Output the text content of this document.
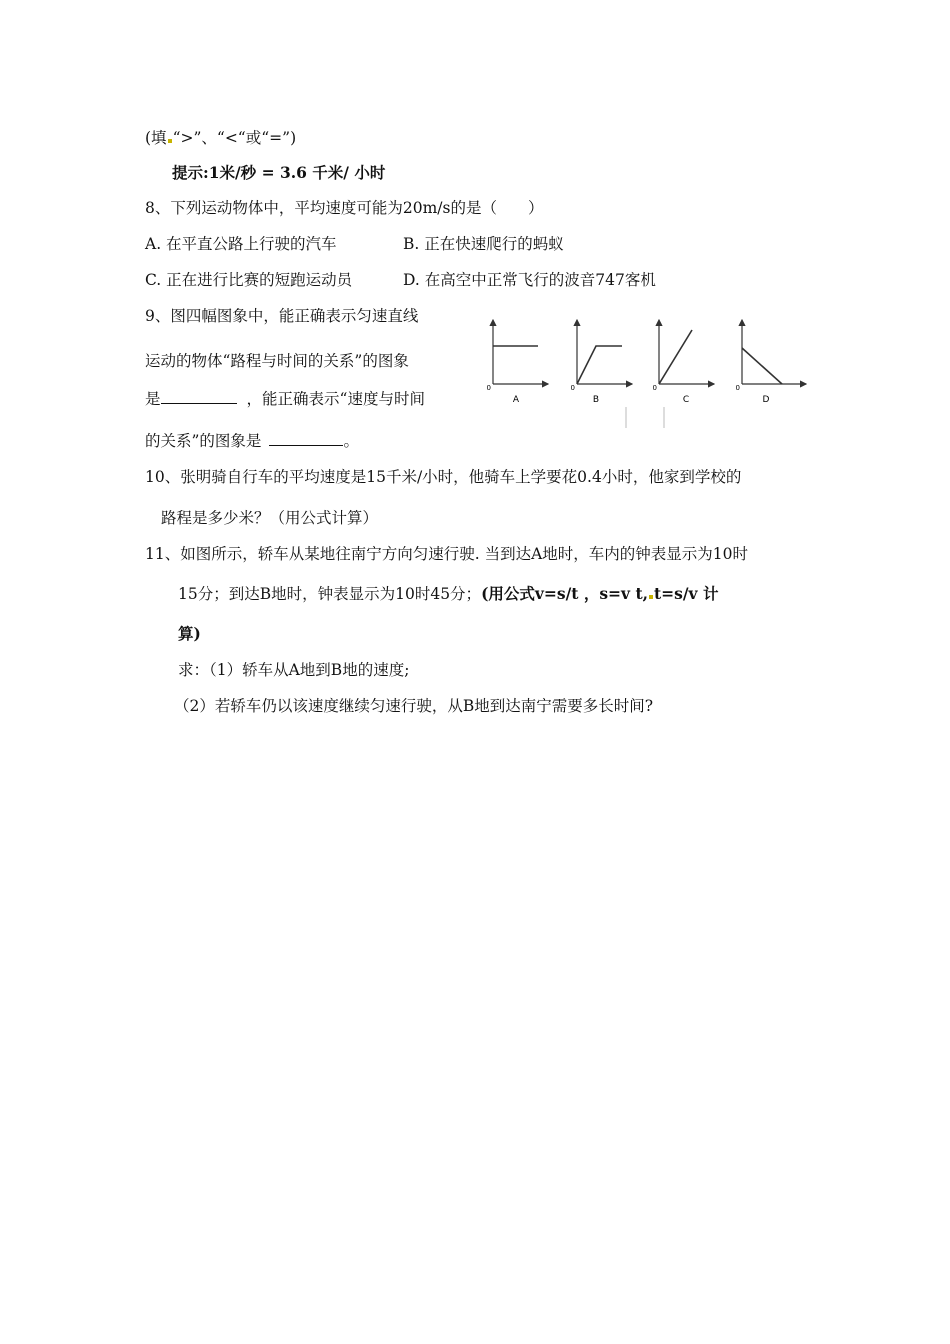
(填 “>”、“<“或“=”)
提示:1米/秒 = 3.6 千米/ 小时
8、下列运动物体中，平均速度可能为20m/s的是（　　）
A. 在平直公路上行驶的汽车	B. 正在快速爬行的蚂蚁
C. 正在进行比赛的短跑运动员	D. 在高空中正常飞行的波音747客机
9、图四幅图象中，能正确表示匀速直线
运动的物体“路程与时间的关系”的图象
是	，能正确表示“速度与时间
的关系”的图象是	。
0
A
0
B
0
C
0
D
10、张明骑自行车的平均速度是15千米/小时，他骑车上学要花0.4小时，他家到学校的
路程是多少米？（用公式计算）
11、如图所示，轿车从某地往南宁方向匀速行驶. 当到达A地时，车内的钟表显示为10时
15分；到达B地时，钟表显示为10时45分；(用公式v=s/t ，s=v t, t=s/v 计
算)
求：（1）轿车从A地到B地的速度;
（2）若轿车仍以该速度继续匀速行驶，从B地到达南宁需要多长时间?
